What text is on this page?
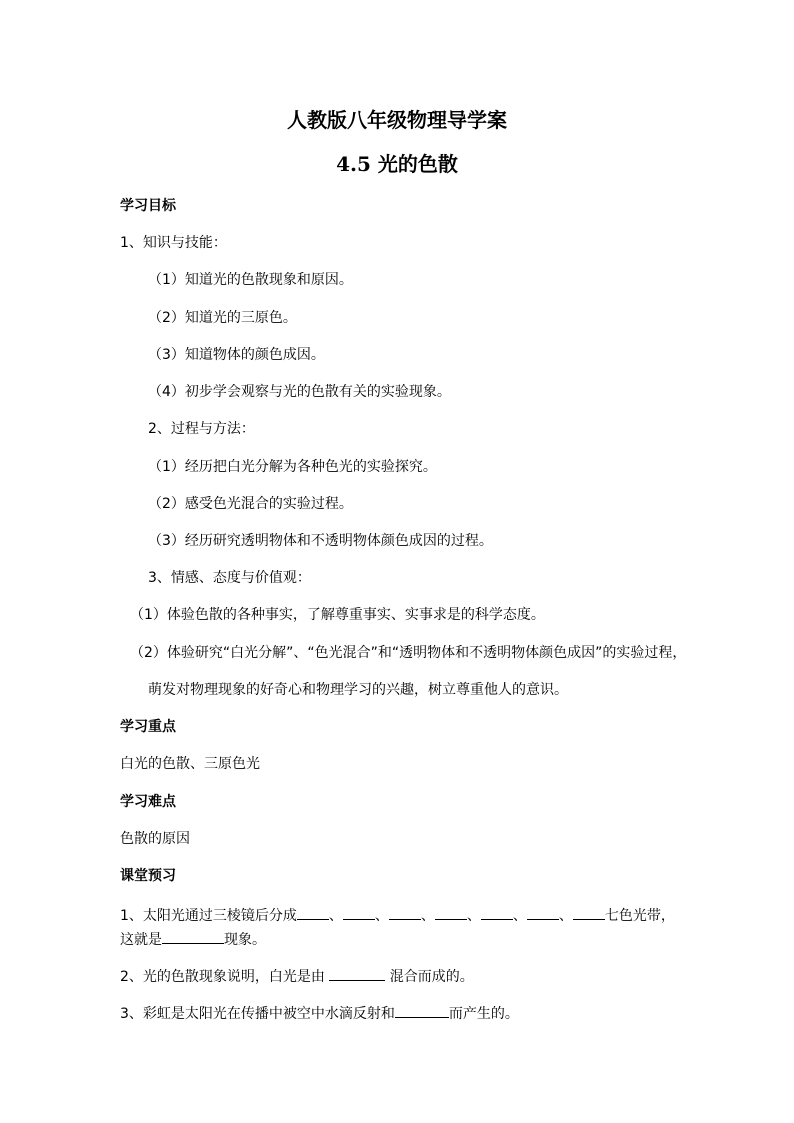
人教版八年级物理导学案
4.5 光的色散
学习目标
1、知识与技能：
（1）知道光的色散现象和原因。
（2）知道光的三原色。
（3）知道物体的颜色成因。
（4）初步学会观察与光的色散有关的实验现象。
2、过程与方法：
（1）经历把白光分解为各种色光的实验探究。
（2）感受色光混合的实验过程。
（3）经历研究透明物体和不透明物体颜色成因的过程。
3、情感、态度与价值观：
（1）体验色散的各种事实，了解尊重事实、实事求是的科学态度。
（2）体验研究“白光分解”、“色光混合”和“透明物体和不透明物体颜色成因”的实验过程，
萌发对物理现象的好奇心和物理学习的兴趣，树立尊重他人的意识。
学习重点
白光的色散、三原色光
学习难点
色散的原因
课堂预习
1、太阳光通过三棱镜后分成 、 、 、 、 、 、 七色光带，
这就是	现象。
2、光的色散现象说明，白光是由	混合而成的。
3、彩虹是太阳光在传播中被空中水滴反射和	而产生的。
